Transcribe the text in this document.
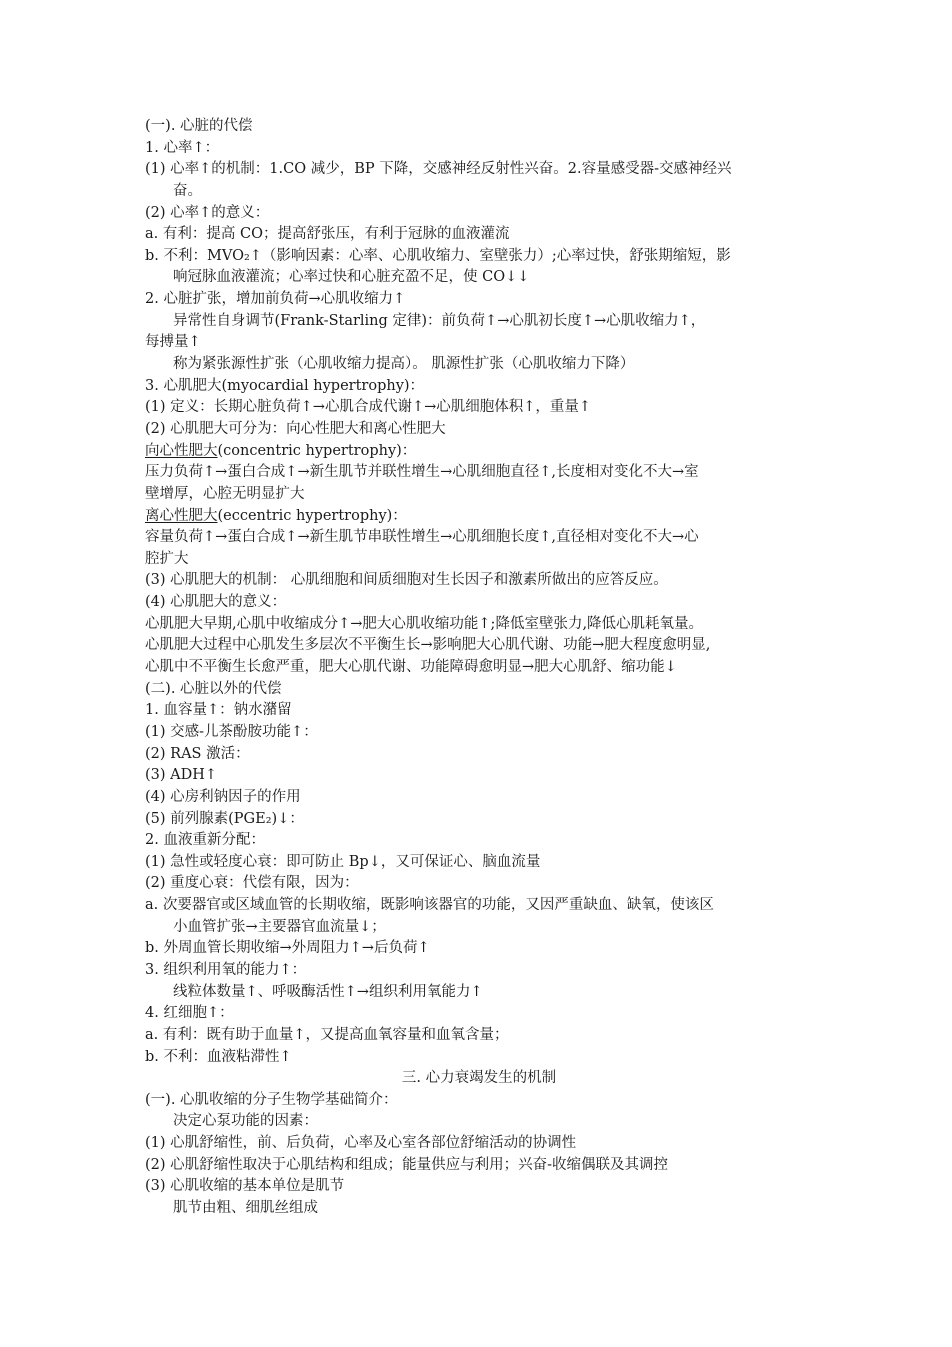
(一). 心脏的代偿
1. 心率↑：
(1) 心率↑的机制：1.CO 减少，BP 下降，交感神经反射性兴奋。2.容量感受器-交感神经兴
奋。
(2) 心率↑的意义：
a. 有利：提高 CO；提高舒张压，有利于冠脉的血液灌流
b. 不利：MVO₂↑（影响因素：心率、心肌收缩力、室壁张力）;心率过快，舒张期缩短，影
响冠脉血液灌流；心率过快和心脏充盈不足，使 CO↓↓
2. 心脏扩张，增加前负荷→心肌收缩力↑
异常性自身调节(Frank-Starling 定律)：前负荷↑→心肌初长度↑→心肌收缩力↑，
每搏量↑
称为紧张源性扩张（心肌收缩力提高）。 肌源性扩张（心肌收缩力下降）
3. 心肌肥大(myocardial hypertrophy)：
(1) 定义：长期心脏负荷↑→心肌合成代谢↑→心肌细胞体积↑，重量↑
(2) 心肌肥大可分为：向心性肥大和离心性肥大
向心性肥大(concentric hypertrophy)：
压力负荷↑→蛋白合成↑→新生肌节并联性增生→心肌细胞直径↑,长度相对变化不大→室
壁增厚，心腔无明显扩大
离心性肥大(eccentric hypertrophy)：
容量负荷↑→蛋白合成↑→新生肌节串联性增生→心肌细胞长度↑,直径相对变化不大→心
腔扩大
(3) 心肌肥大的机制： 心肌细胞和间质细胞对生长因子和激素所做出的应答反应。
(4) 心肌肥大的意义：
心肌肥大早期,心肌中收缩成分↑→肥大心肌收缩功能↑;降低室壁张力,降低心肌耗氧量。
心肌肥大过程中心肌发生多层次不平衡生长→影响肥大心肌代谢、功能→肥大程度愈明显,
心肌中不平衡生长愈严重，肥大心肌代谢、功能障碍愈明显→肥大心肌舒、缩功能↓
(二). 心脏以外的代偿
1. 血容量↑：钠水潴留
(1) 交感-儿茶酚胺功能↑：
(2) RAS 激活：
(3) ADH↑
(4) 心房利钠因子的作用
(5) 前列腺素(PGE₂)↓：
2. 血液重新分配：
(1) 急性或轻度心衰：即可防止 Bp↓，又可保证心、脑血流量
(2) 重度心衰：代偿有限，因为：
a. 次要器官或区域血管的长期收缩，既影响该器官的功能，又因严重缺血、缺氧，使该区
小血管扩张→主要器官血流量↓；
b. 外周血管长期收缩→外周阻力↑→后负荷↑
3. 组织利用氧的能力↑：
线粒体数量↑、呼吸酶活性↑→组织利用氧能力↑
4. 红细胞↑：
a. 有利：既有助于血量↑，又提高血氧容量和血氧含量；
b. 不利：血液粘滞性↑
三. 心力衰竭发生的机制
(一). 心肌收缩的分子生物学基础简介：
决定心泵功能的因素：
(1) 心肌舒缩性，前、后负荷，心率及心室各部位舒缩活动的协调性
(2) 心肌舒缩性取决于心肌结构和组成；能量供应与利用；兴奋-收缩偶联及其调控
(3) 心肌收缩的基本单位是肌节
肌节由粗、细肌丝组成
